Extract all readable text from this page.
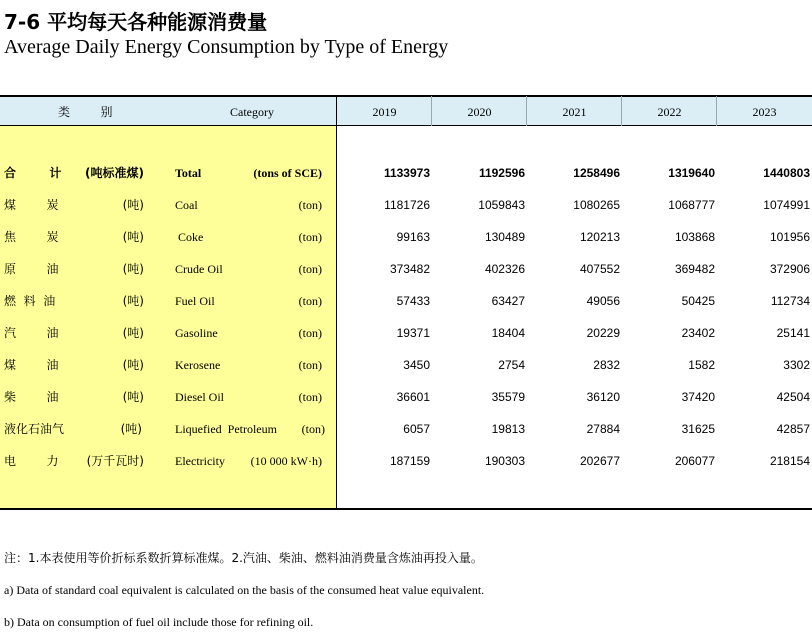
7-6 平均每天各种能源消费量
Average Daily Energy Consumption by Type of Energy
类        别	Category	2019	2020	2021	2022	2023
合        计 (吨标准煤)	Total	(tons of SCE)	1133973	1192596	1258496	1319640	1440803
煤        炭	(吨)	Coal	(ton)	1181726	1059843	1080265	1068777	1074991
焦        炭	(吨)	Coke	(ton)	99163	130489	120213	103868	101956
原        油	(吨)	Crude Oil	(ton)	373482	402326	407552	369482	372906
燃  料  油	(吨)	Fuel Oil	(ton)	57433	63427	49056	50425	112734
汽        油	(吨)	Gasoline	(ton)	19371	18404	20229	23402	25141
煤        油	(吨)	Kerosene	(ton)	3450	2754	2832	1582	3302
柴        油	(吨)	Diesel Oil	(ton)	36601	35579	36120	37420	42504
液化石油气	(吨)	Liquefied  Petroleum (ton)	6057	19813	27884	31625	42857
电        力 (万千瓦时)	Electricity (10 000 kW·h)	187159	190303	202677	206077	218154
注：1.本表使用等价折标系数折算标准煤。2.汽油、柴油、燃料油消费量含炼油再投入量。
a) Data of standard coal equivalent is calculated on the basis of the consumed heat value equivalent.
b) Data on consumption of fuel oil include those for refining oil.
